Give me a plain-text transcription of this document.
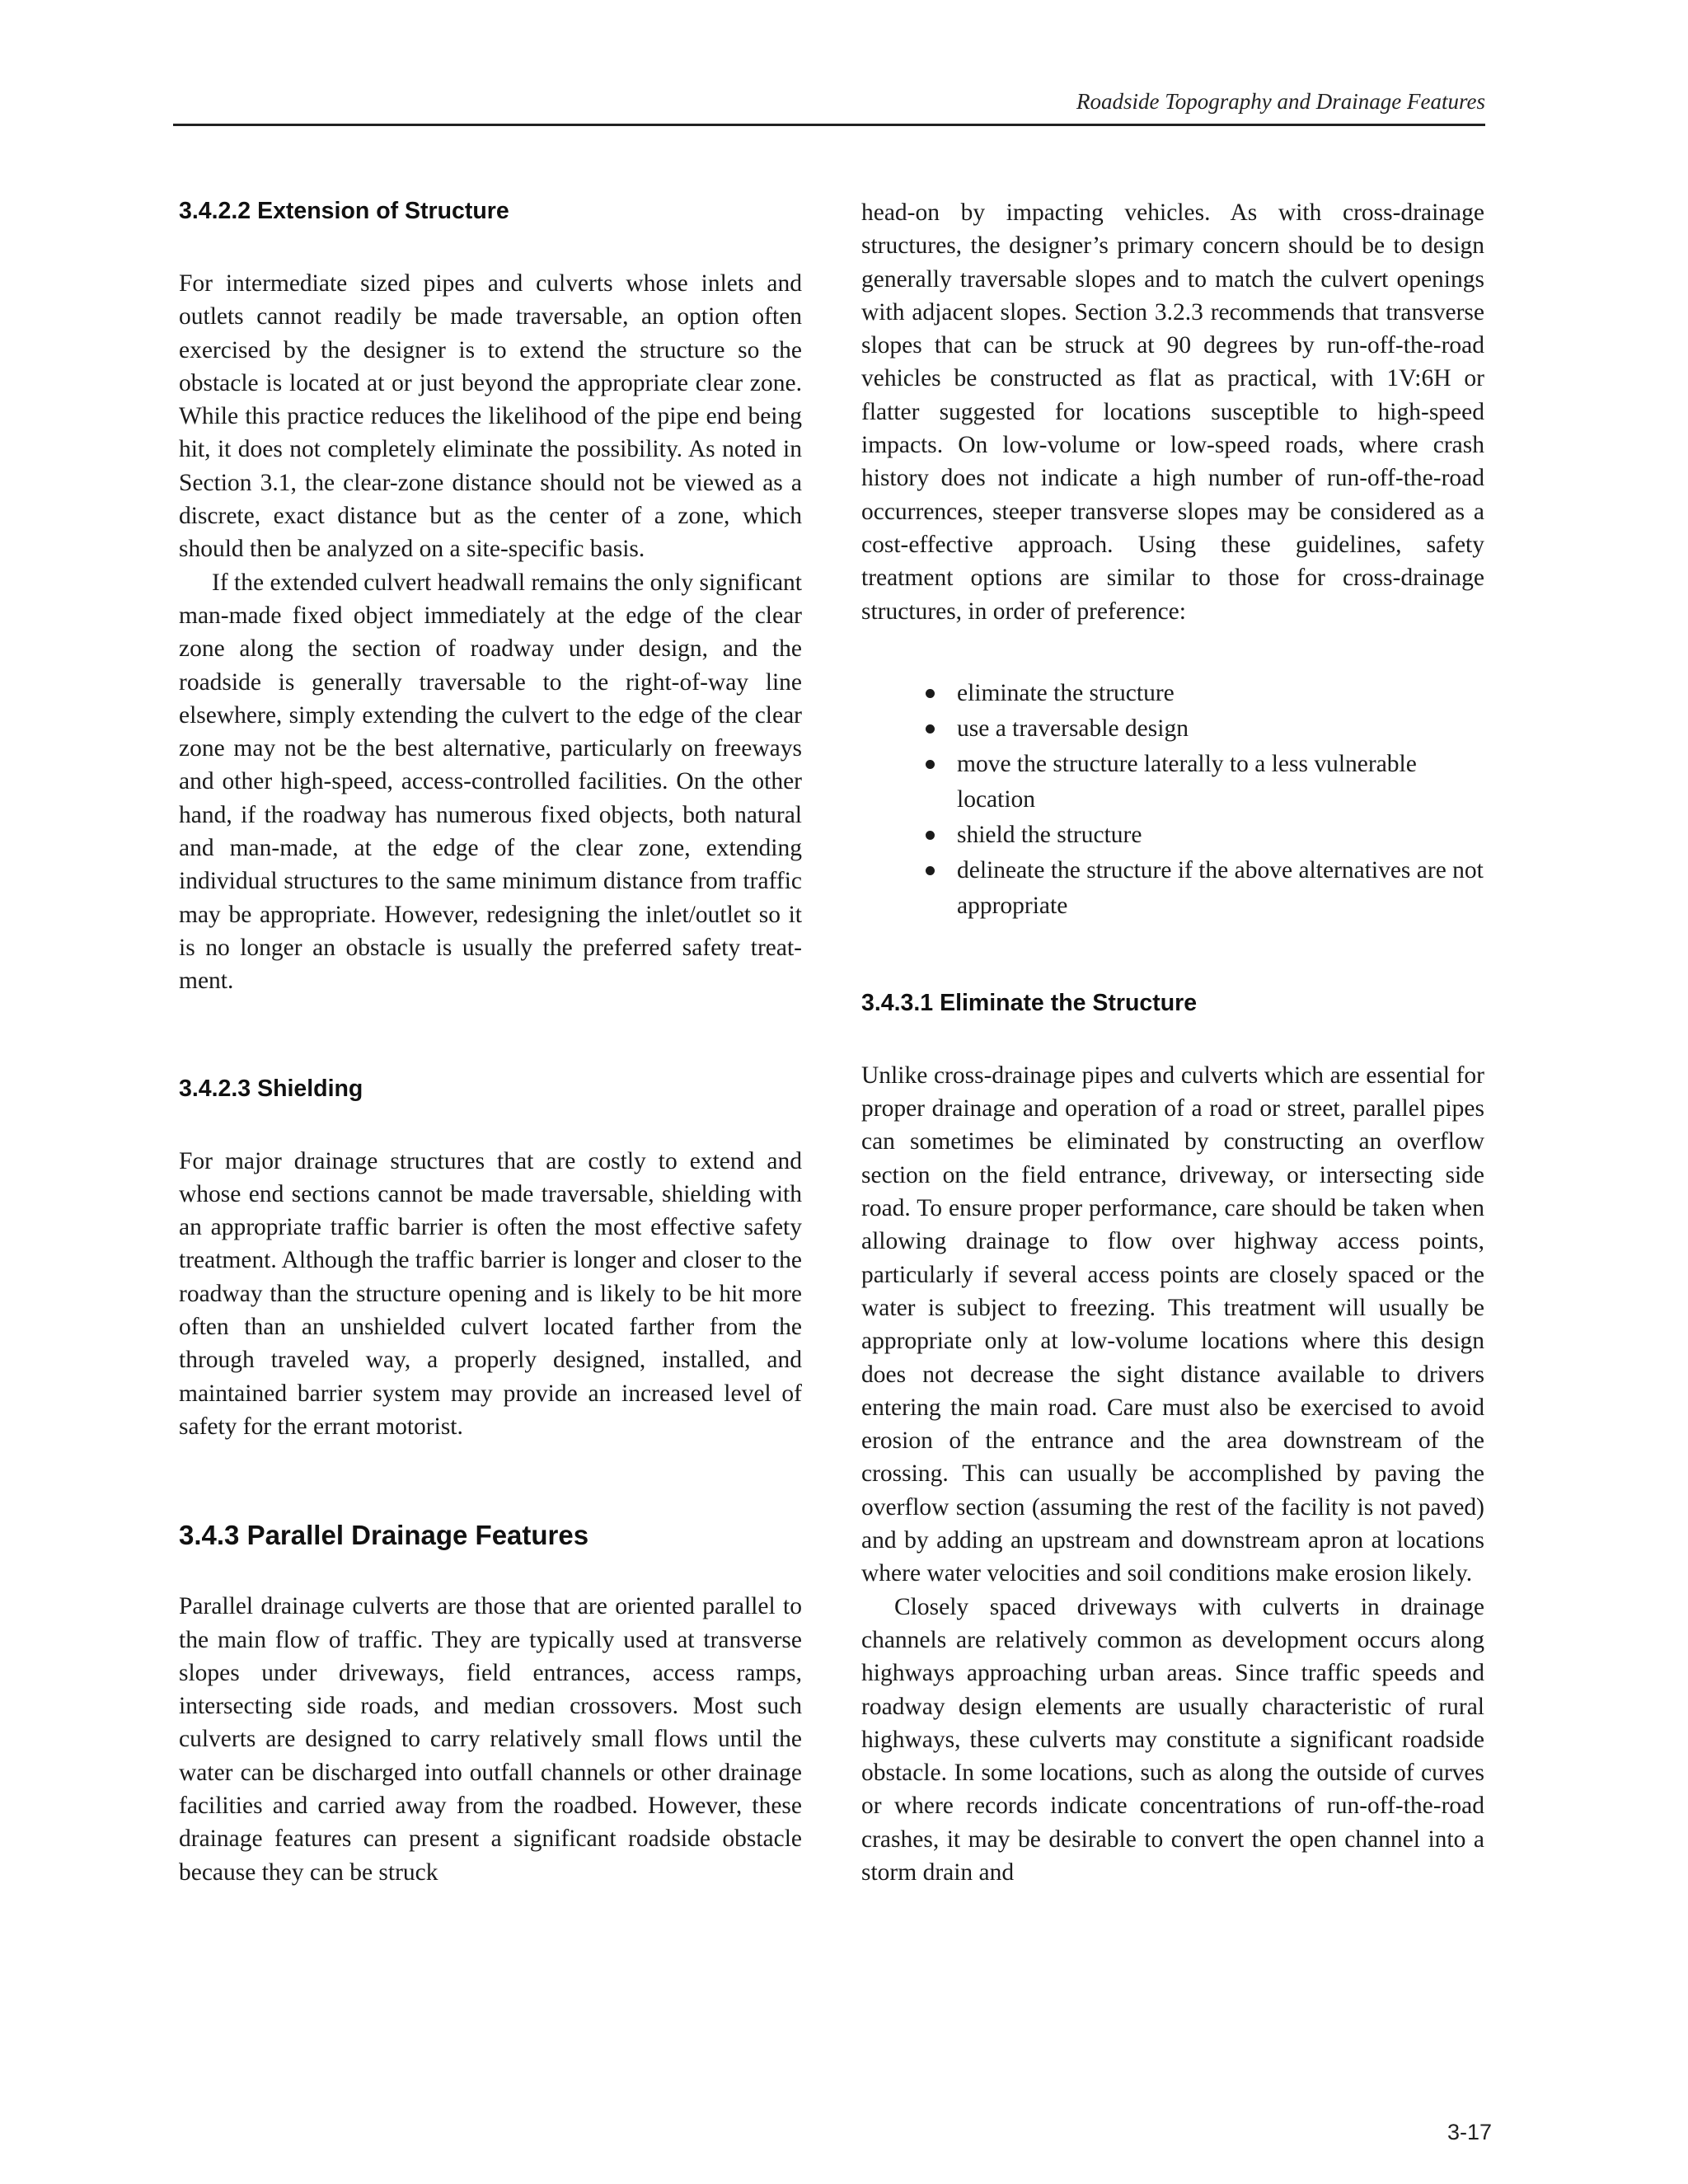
Roadside Topography and Drainage Features
3.4.2.2 Extension of Structure

For intermediate sized pipes and culverts whose inlets and outlets cannot readily be made traversable, an option often exercised by the designer is to extend the structure so the obstacle is located at or just beyond the appropriate clear zone. While this practice reduces the likelihood of the pipe end being hit, it does not completely eliminate the possibility. As noted in Section 3.1, the clear-zone distance should not be viewed as a discrete, exact distance but as the center of a zone, which should then be analyzed on a site-specific basis.

If the extended culvert headwall remains the only significant man-made fixed object immediately at the edge of the clear zone along the section of roadway under design, and the roadside is generally traversable to the right-of-way line elsewhere, simply extending the culvert to the edge of the clear zone may not be the best alternative, particularly on freeways and other high-speed, access-controlled facilities. On the other hand, if the roadway has numerous fixed objects, both natural and man-made, at the edge of the clear zone, extending individual structures to the same minimum distance from traffic may be appropriate. However, redesigning the inlet/outlet so it is no longer an obstacle is usually the preferred safety treatment.

3.4.2.3 Shielding

For major drainage structures that are costly to extend and whose end sections cannot be made traversable, shielding with an appropriate traffic barrier is often the most effective safety treatment. Although the traffic barrier is longer and closer to the roadway than the structure opening and is likely to be hit more often than an unshielded culvert located farther from the through traveled way, a properly designed, installed, and maintained barrier system may provide an increased level of safety for the errant motorist.

3.4.3 Parallel Drainage Features

Parallel drainage culverts are those that are oriented parallel to the main flow of traffic. They are typically used at transverse slopes under driveways, field entrances, access ramps, intersecting side roads, and median crossovers. Most such culverts are designed to carry relatively small flows until the water can be discharged into outfall channels or other drainage facilities and carried away from the roadbed. However, these drainage features can present a significant roadside obstacle because they can be struck

head-on by impacting vehicles. As with cross-drainage structures, the designer’s primary concern should be to design generally traversable slopes and to match the culvert openings with adjacent slopes. Section 3.2.3 recommends that transverse slopes that can be struck at 90 degrees by run-off-the-road vehicles be constructed as flat as practical, with 1V:6H or flatter suggested for locations susceptible to high-speed impacts. On low-volume or low-speed roads, where crash history does not indicate a high number of run-off-the-road occurrences, steeper transverse slopes may be considered as a cost-effective approach. Using these guidelines, safety treatment options are similar to those for cross-drainage structures, in order of preference:

eliminate the structure
use a traversable design
move the structure laterally to a less vulnerable location
shield the structure
delineate the structure if the above alternatives are not appropriate
3.4.3.1 Eliminate the Structure

Unlike cross-drainage pipes and culverts which are essential for proper drainage and operation of a road or street, parallel pipes can sometimes be eliminated by constructing an overflow section on the field entrance, driveway, or intersecting side road. To ensure proper performance, care should be taken when allowing drainage to flow over highway access points, particularly if several access points are closely spaced or the water is subject to freezing. This treatment will usually be appropriate only at low-volume locations where this design does not decrease the sight distance available to drivers entering the main road. Care must also be exercised to avoid erosion of the entrance and the area downstream of the crossing. This can usually be accomplished by paving the overflow section (assuming the rest of the facility is not paved) and by adding an upstream and downstream apron at locations where water velocities and soil conditions make erosion likely.

Closely spaced driveways with culverts in drainage channels are relatively common as development occurs along highways approaching urban areas. Since traffic speeds and roadway design elements are usually characteristic of rural highways, these culverts may constitute a significant roadside obstacle. In some locations, such as along the outside of curves or where records indicate concentrations of run-off-the-road crashes, it may be desirable to convert the open channel into a storm drain and

3-17
